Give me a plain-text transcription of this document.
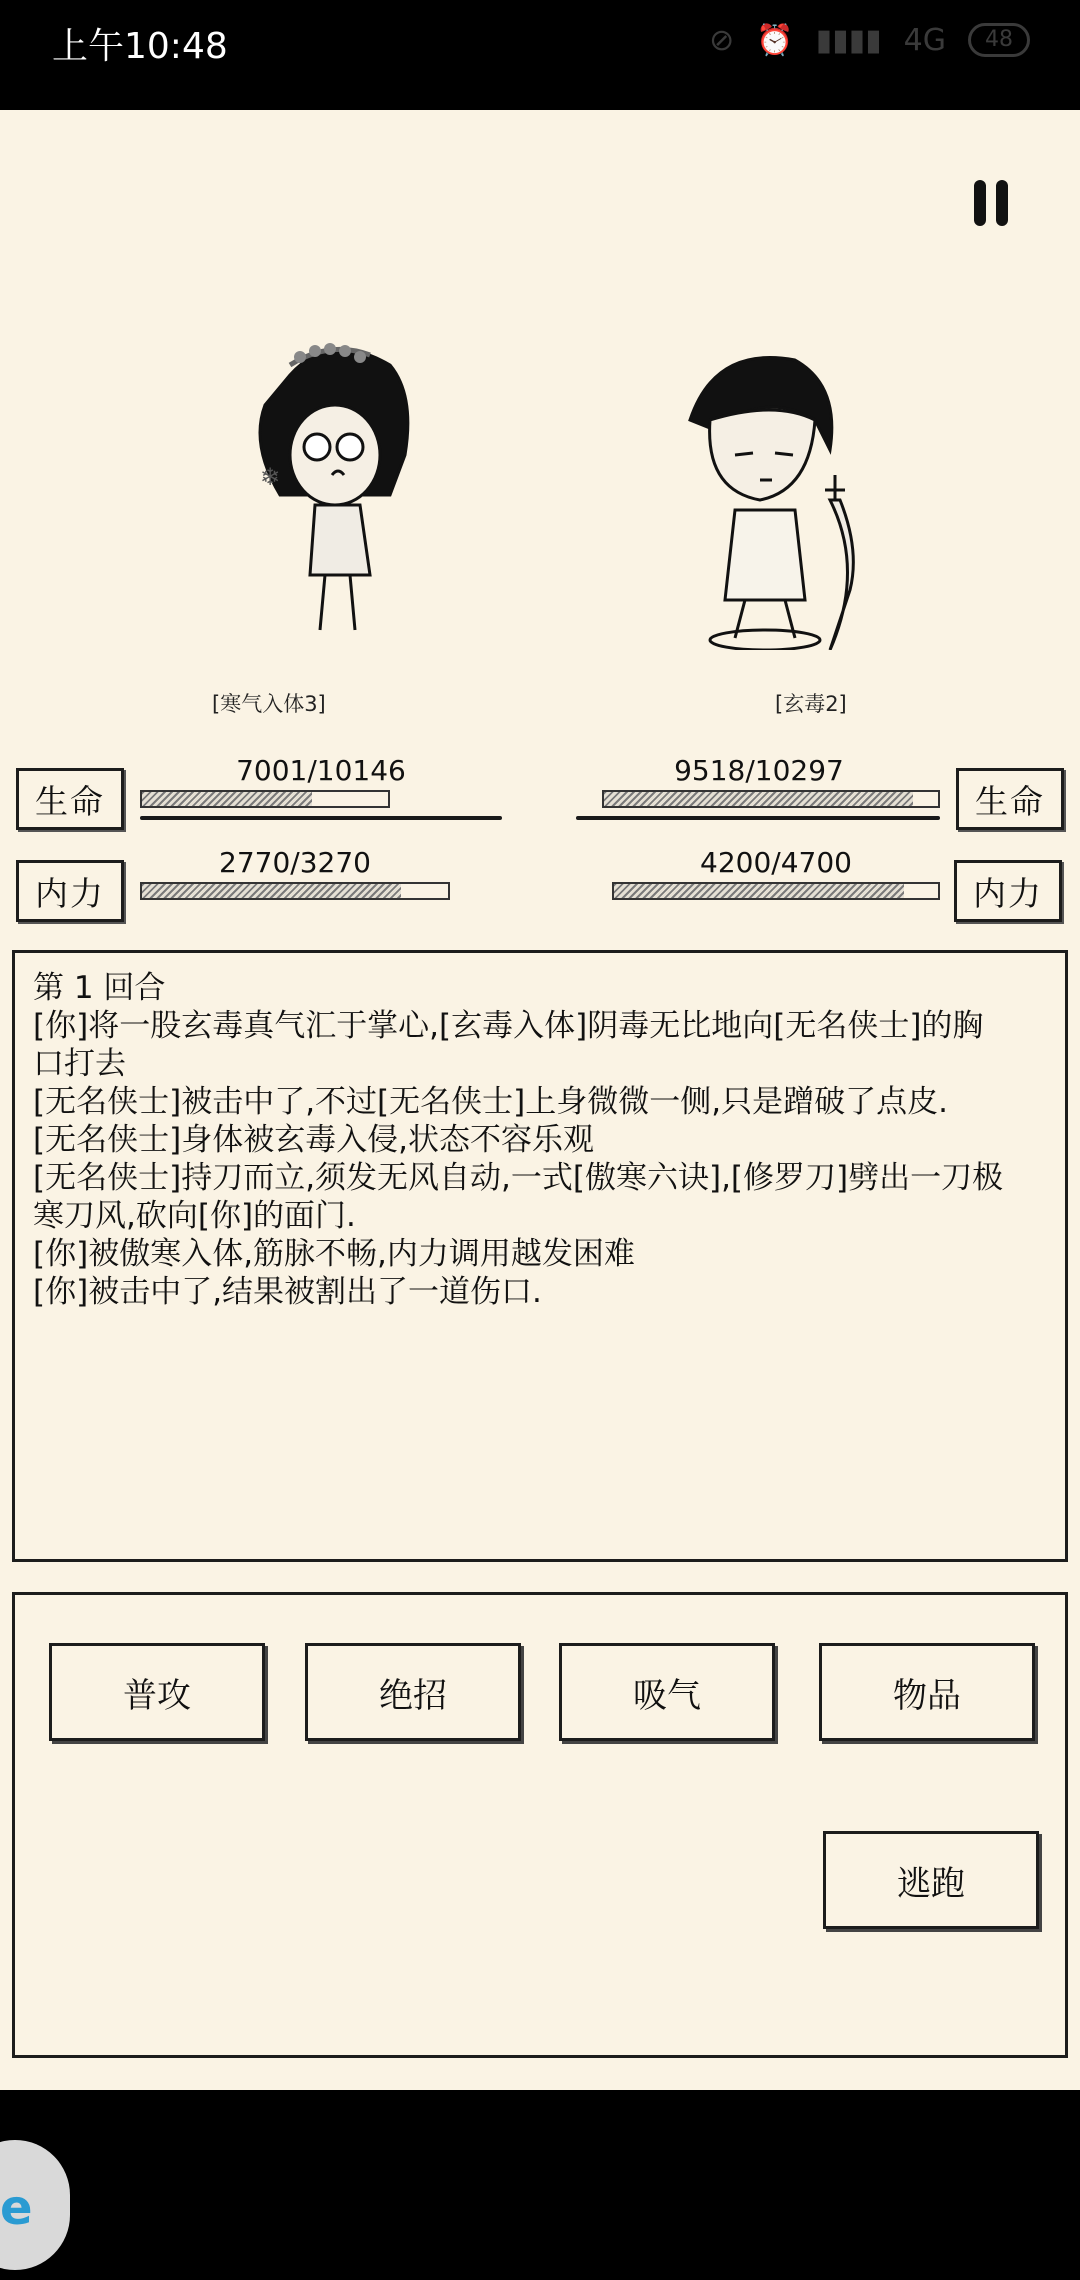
上午10:48	⊘ ⏰ ▮▮▮▮ 4G	48
❄
[寒气入体3]	[玄毒2]
生命
7001/10146
生命
9518/10297
内力
2770/3270
内力
4200/4700
第 1 回合
[你]将一股玄毒真气汇于掌心,[玄毒入体]阴毒无比地向[无名侠士]的胸
口打去
[无名侠士]被击中了,不过[无名侠士]上身微微一侧,只是蹭破了点皮.
[无名侠士]身体被玄毒入侵,状态不容乐观
[无名侠士]持刀而立,须发无风自动,一式[傲寒六诀],[修罗刀]劈出一刀极
寒刀风,砍向[你]的面门.
[你]被傲寒入体,筋脉不畅,内力调用越发困难
[你]被击中了,结果被割出了一道伤口.
普攻	绝招	吸气	物品
逃跑
e
